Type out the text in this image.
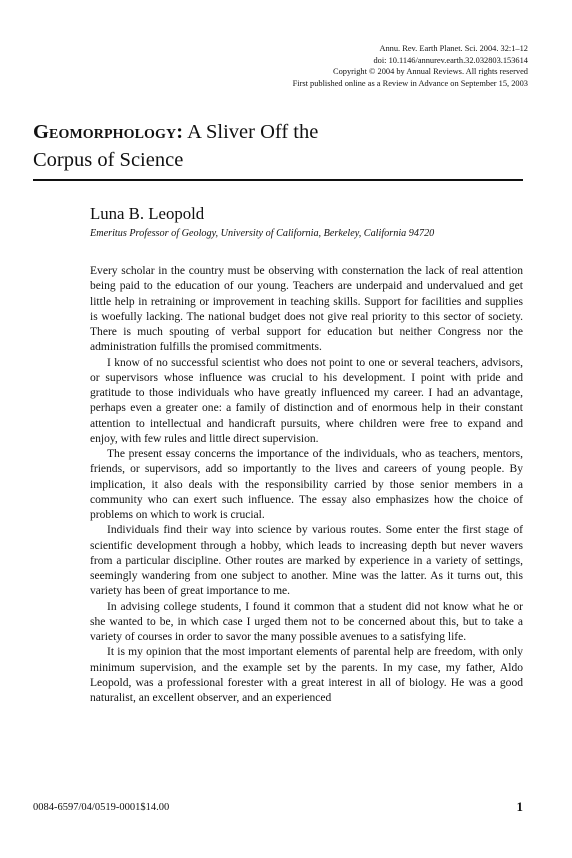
Annu. Rev. Earth Planet. Sci. 2004. 32:1–12
doi: 10.1146/annurev.earth.32.032803.153614
Copyright © 2004 by Annual Reviews. All rights reserved
First published online as a Review in Advance on September 15, 2003
Geomorphology: A Sliver Off the
Corpus of Science
Luna B. Leopold
Emeritus Professor of Geology, University of California, Berkeley, California 94720

Every scholar in the country must be observing with consternation the lack of real attention being paid to the education of our young. Teachers are underpaid and undervalued and get little help in retraining or improvement in teaching skills. Support for facilities and supplies is woefully lacking. The national budget does not give real priority to this sector of society. There is much spouting of verbal support for education but neither Congress nor the administration fulfills the promised commitments.

I know of no successful scientist who does not point to one or several teachers, advisors, or supervisors whose influence was crucial to his development. I point with pride and gratitude to those individuals who have greatly influenced my career. I had an advantage, perhaps even a greater one: a family of distinction and of enormous help in their constant attention to intellectual and handicraft pursuits, where children were free to expand and enjoy, with few rules and little direct supervision.

The present essay concerns the importance of the individuals, who as teachers, mentors, friends, or supervisors, add so importantly to the lives and careers of young people. By implication, it also deals with the responsibility carried by those senior members in a community who can exert such influence. The essay also emphasizes how the choice of problems on which to work is crucial.

Individuals find their way into science by various routes. Some enter the first stage of scientific development through a hobby, which leads to increasing depth but never wavers from a particular discipline. Other routes are marked by experience in a variety of settings, seemingly wandering from one subject to another. Mine was the latter. As it turns out, this variety has been of great importance to me.

In advising college students, I found it common that a student did not know what he or she wanted to be, in which case I urged them not to be concerned about this, but to take a variety of courses in order to savor the many possible avenues to a satisfying life.

It is my opinion that the most important elements of parental help are freedom, with only minimum supervision, and the example set by the parents. In my case, my father, Aldo Leopold, was a professional forester with a great interest in all of biology. He was a good naturalist, an excellent observer, and an experienced

0084-6597/04/0519-0001$14.00	1
